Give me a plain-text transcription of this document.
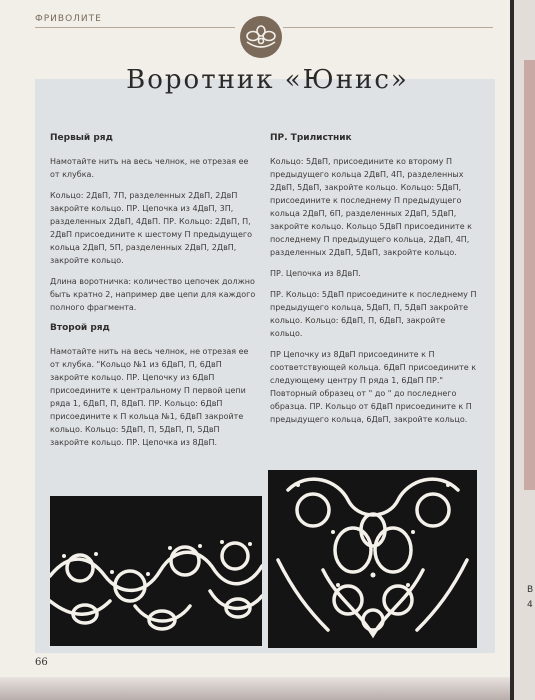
ФРИВОЛИТЕ
Первый ряд

Намотайте нить на весь челнок, не отрезая ее от клубка.

Кольцо: 2ДвП, 7П, разделенных 2ДвП, 2ДвП закройте кольцо. ПР. Цепочка из 4ДвП, 3П, разделенных 2ДвП, 4ДвП. ПР. Кольцо: 2ДвП, П, 2ДвП присоедините к шестому П предыдущего кольца 2ДвП, 5П, разделенных 2ДвП, 2ДвП, закройте кольцо.

Длина воротничка: количество цепочек должно быть кратно 2, например две цепи для каждого полного фрагмента.

Второй ряд

Намотайте нить на весь челнок, не отрезая ее от клубка. "Кольцо №1 из 6ДвП, П, 6ДвП закройте кольцо. ПР. Цепочку из 6ДвП присоедините к центральному П первой цепи ряда 1, 6ДвП, П, 8ДвП. ПР. Кольцо: 6ДвП присоедините к П кольца №1, 6ДвП закройте кольцо. Кольцо: 5ДвП, П, 5ДвП, П, 5ДвП закройте кольцо. ПР. Цепочка из 8ДвП.

ПР. Трилистник

Кольцо: 5ДвП, присоедините ко второму П предыдущего кольца 2ДвП, 4П, разделенных 2ДвП, 5ДвП, закройте кольцо. Кольцо: 5ДвП, присоедините к последнему П предыдущего кольца 2ДвП, 6П, разделенных 2ДвП, 5ДвП, закройте кольцо. Кольцо 5ДвП присоедините к последнему П предыдущего кольца, 2ДвП, 4П, разделенных 2ДвП, 5ДвП, закройте кольцо.

ПР. Цепочка из 8ДвП.

ПР. Кольцо: 5ДвП присоедините к последнему П предыдущего кольца, 5ДвП, П, 5ДвП закройте кольцо. Кольцо: 6ДвП, П, 6ДвП, закройте кольцо.

ПР Цепочку из 8ДвП присоедините к П соответствующей кольца. 6ДвП присоедините к следующему центру П ряда 1, 6ДвП ПР." Повторный образец от " до " до последнего образца. ПР. Кольцо от 6ДвП присоедините к П предыдущего кольца, 6ДвП, закройте кольцо.

66
В
4
Воротник «Юнис»
